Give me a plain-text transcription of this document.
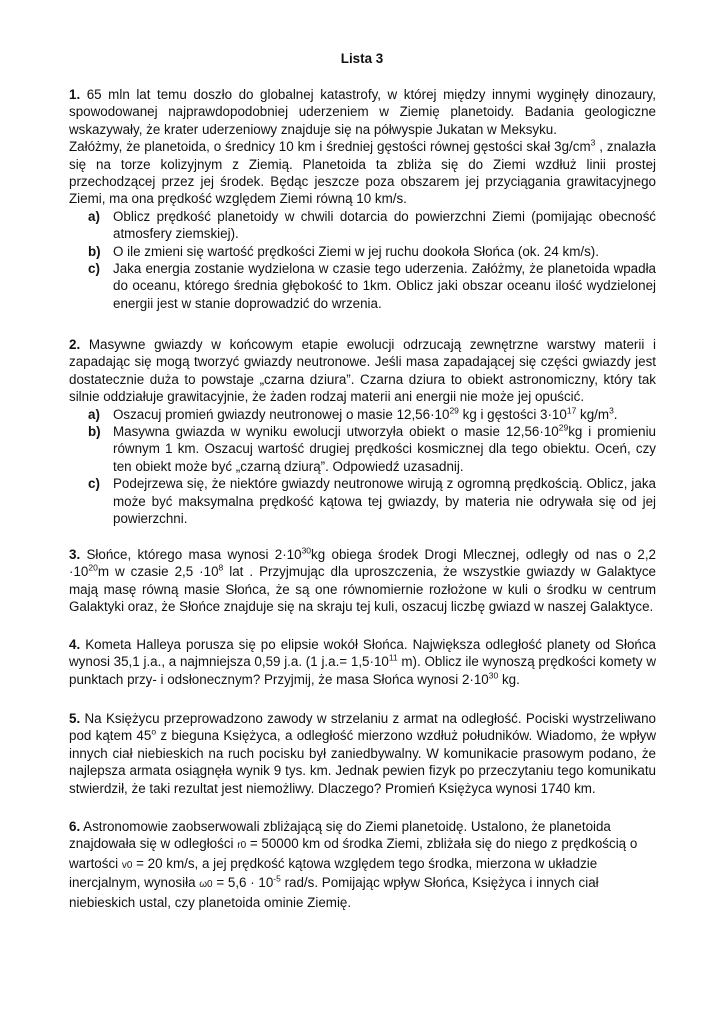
Lista 3

1. 65 mln lat temu doszło do globalnej katastrofy, w której między innymi wyginęły dinozaury, spowodowanej najprawdopodobniej uderzeniem w Ziemię planetoidy. Badania geologiczne wskazywały, że krater uderzeniowy znajduje się na półwyspie Jukatan w Meksyku.

Załóżmy, że planetoida, o średnicy 10 km i średniej gęstości równej gęstości skał $3g/cm^3$ , znalazła się na torze kolizyjnym z Ziemią. Planetoida ta zbliża się do Ziemi wzdłuż linii prostej przechodzącej przez jej środek. Będąc jeszcze poza obszarem jej przyciągania grawitacyjnego Ziemi, ma ona prędkość względem Ziemi równą 10 km/s.

a) Oblicz prędkość planetoidy w chwili dotarcia do powierzchni Ziemi (pomijając obecność atmosfery ziemskiej).
b) O ile zmieni się wartość prędkości Ziemi w jej ruchu dookoła Słońca (ok. 24 km/s).
c) Jaka energia zostanie wydzielona w czasie tego uderzenia. Załóżmy, że planetoida wpadła do oceanu, którego średnia głębokość to 1km. Oblicz jaki obszar oceanu ilość wydzielonej energii jest w stanie doprowadzić do wrzenia.

2. Masywne gwiazdy w końcowym etapie ewolucji odrzucają zewnętrzne warstwy materii i zapadając się mogą tworzyć gwiazdy neutronowe. Jeśli masa zapadającej się części gwiazdy jest dostatecznie duża to powstaje „czarna dziura”. Czarna dziura to obiekt astronomiczny, który tak silnie oddziałuje grawitacyjnie, że żaden rodzaj materii ani energii nie może jej opuścić.

a) Oszacuj promień gwiazdy neutronowej o masie $12,56\cdot 10^{29}$ kg i gęstości $3\cdot 10^{17}$ $kg/m^3$.
b) Masywna gwiazda w wyniku ewolucji utworzyła obiekt o masie $12,56\cdot 10^{29}kg$ i promieniu równym 1 km. Oszacuj wartość drugiej prędkości kosmicznej dla tego obiektu. Oceń, czy ten obiekt może być „czarną dziurą”. Odpowiedź uzasadnij.
c) Podejrzewa się, że niektóre gwiazdy neutronowe wirują z ogromną prędkością. Oblicz, jaka może być maksymalna prędkość kątowa tej gwiazdy, by materia nie odrywała się od jej powierzchni.

3. Słońce, którego masa wynosi $2\cdot 10^{30}kg$ obiega środek Drogi Mlecznej, odległy od nas o $2,2 \cdot 10^{20}m$ w czasie $2,5 \cdot 10^8$ lat . Przyjmując dla uproszczenia, że wszystkie gwiazdy w Galaktyce mają masę równą masie Słońca, że są one równomiernie rozłożone w kuli o środku w centrum Galaktyki oraz, że Słońce znajduje się na skraju tej kuli, oszacuj liczbę gwiazd w naszej Galaktyce.

4. Kometa Halleya porusza się po elipsie wokół Słońca. Największa odległość planety od Słońca wynosi 35,1 j.a., a najmniejsza 0,59 j.a. (1 $j.a.= 1,5\cdot 10^{11}$ m). Oblicz ile wynoszą prędkości komety w punktach przy- i odsłonecznym? Przyjmij, że masa Słońca wynosi $2\cdot 10^{30}$ kg.

5. Na Księżycu przeprowadzono zawody w strzelaniu z armat na odległość. Pociski wystrzeliwano pod kątem 45$^o$ z bieguna Księżyca, a odległość mierzono wzdłuż południków. Wiadomo, że wpływ innych ciał niebieskich na ruch pocisku był zaniedbywalny. W komunikacie prasowym podano, że najlepsza armata osiągnęła wynik 9 tys. km. Jednak pewien fizyk po przeczytaniu tego komunikatu stwierdził, że taki rezultat jest niemożliwy. Dlaczego? Promień Księżyca wynosi 1740 km.

6. Astronomowie zaobserwowali zbliżającą się do Ziemi planetoidę. Ustalono, że planetoida znajdowała się w odległości r0 = 50000 km od środka Ziemi, zbliżała się do niego z prędkością o wartości v0 = 20 km/s, a jej prędkość kątowa względem tego środka, mierzona w układzie inercjalnym, wynosiła $\omega 0 = 5,6 \cdot 10^{-5}$ rad/s. Pomijając wpływ Słońca, Księżyca i innych ciał niebieskich ustal, czy planetoida ominie Ziemię.
